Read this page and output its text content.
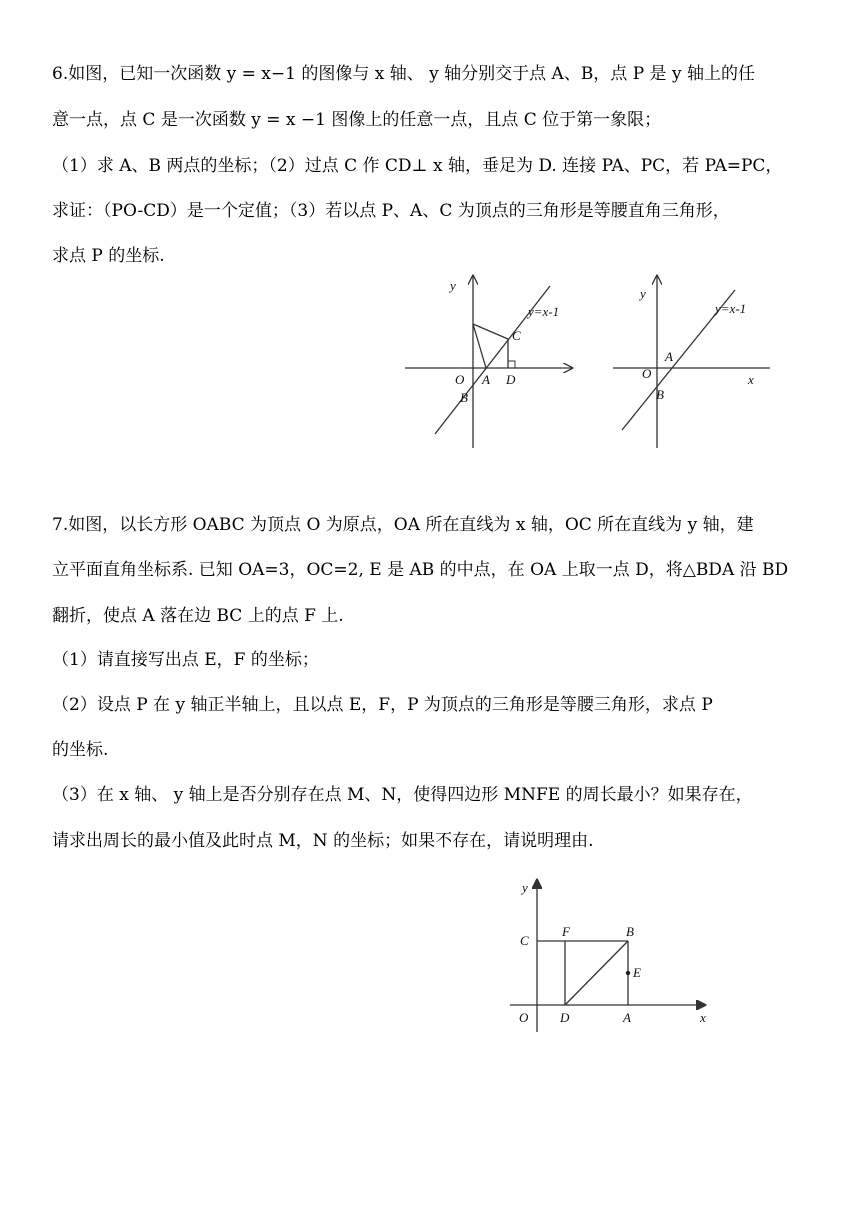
6.如图，已知一次函数 y = x−1 的图像与 x 轴、 y 轴分别交于点 A、B，点 P 是 y 轴上的任
意一点，点 C 是一次函数 y = x −1 图像上的任意一点，且点 C 位于第一象限；
（1）求 A、B 两点的坐标；（2）过点 C 作 CD⊥ x 轴，垂足为 D. 连接 PA、PC，若 PA=PC，
求证：（PO-CD）是一个定值；（3）若以点 P、A、C 为顶点的三角形是等腰直角三角形，
求点 P 的坐标.
y
y=x-1
C
O A D
B
y
y=x-1
A
O
B
x
7.如图，以长方形 OABC 为顶点 O 为原点，OA 所在直线为 x 轴，OC 所在直线为 y 轴，建
立平面直角坐标系. 已知 OA=3，OC=2, E 是 AB 的中点，在 OA 上取一点 D，将△BDA 沿 BD
翻折，使点 A 落在边 BC 上的点 F 上.
（1）请直接写出点 E，F 的坐标；
（2）设点 P 在 y 轴正半轴上，且以点 E，F，P 为顶点的三角形是等腰三角形，求点 P
的坐标.
（3）在 x 轴、 y 轴上是否分别存在点 M、N，使得四边形 MNFE 的周长最小？如果存在，
请求出周长的最小值及此时点 M，N 的坐标；如果不存在，请说明理由.
y
C
F	B
E
O D	A	x
